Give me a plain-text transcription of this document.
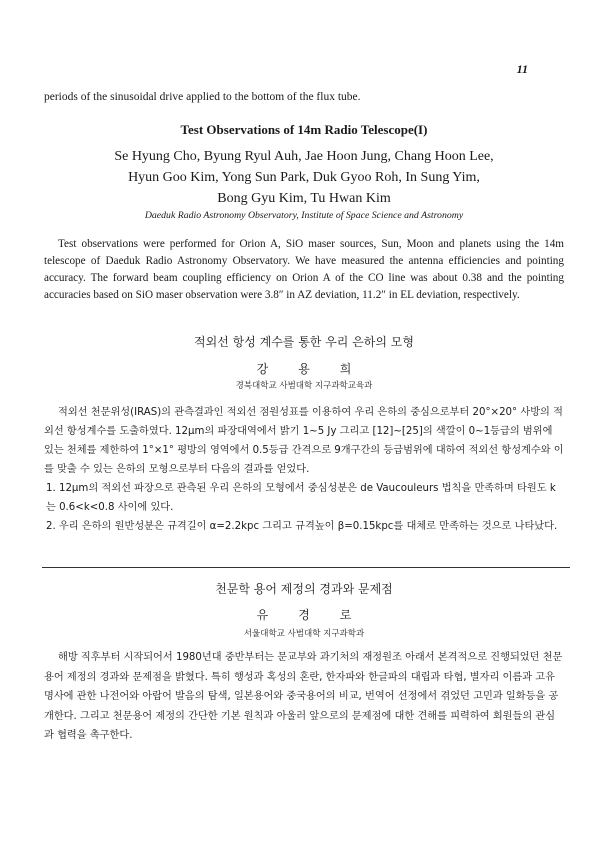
11
periods of the sinusoidal drive applied to the bottom of the flux tube.
Test Observations of 14m Radio Telescope(I)
Se Hyung Cho, Byung Ryul Auh, Jae Hoon Jung, Chang Hoon Lee,
Hyun Goo Kim, Yong Sun Park, Duk Gyoo Roh, In Sung Yim,
Bong Gyu Kim, Tu Hwan Kim
Daeduk Radio Astronomy Observatory, Institute of Space Science and Astronomy

Test observations were performed for Orion A, SiO maser sources, Sun, Moon and planets using the 14m telescope of Daeduk Radio Astronomy Observatory. We have measured the antenna efficiencies and pointing accuracy. The forward beam coupling efficiency on Orion A of the CO line was about 0.38 and the pointing accuracies based on SiO maser observation were 3.8″ in AZ deviation, 11.2″ in EL deviation, respectively.

적외선 항성 계수를 통한 우리 은하의 모형
강용희
경북대학교 사범대학 지구과학교육과

적외선 천문위성(IRAS)의 관측결과인 적외선 점원성표를 이용하여 우리 은하의 중심으로부터 20°×20° 사방의 적외선 항성계수를 도출하였다. 12μm의 파장대역에서 밝기 1~5 Jy 그리고 [12]~[25]의 색깔이 0~1등급의 범위에 있는 천체를 제한하여 1°×1° 평방의 영역에서 0.5등급 간격으로 9개구간의 등급범위에 대하여 적외선 항성계수와 이를 맞출 수 있는 은하의 모형으로부터 다음의 결과를 얻었다.

1. 12μm의 적외선 파장으로 관측된 우리 은하의 모형에서 중심성분은 de Vaucouleurs 법칙을 만족하며 타원도 k는 0.6<k<0.8 사이에 있다.

2. 우리 은하의 원반성분은 규격길이 α=2.2kpc 그리고 규격높이 β=0.15kpc를 대체로 만족하는 것으로 나타났다.

천문학 용어 제정의 경과와 문제점
유경로
서울대학교 사범대학 지구과학과

해방 직후부터 시작되어서 1980년대 중반부터는 문교부와 과기처의 재정원조 아래서 본격적으로 진행되었던 천문용어 제정의 경과와 문제점을 밝혔다. 특히 행성과 혹성의 혼란, 한자파와 한글파의 대립과 타협, 별자리 이름과 고유명사에 관한 나전어와 아랍어 발음의 탐색, 일본용어와 중국용어의 비교, 번역어 선정에서 겪었던 고민과 일화등을 공개한다. 그리고 천문용어 제정의 간단한 기본 원칙과 아울러 앞으로의 문제점에 대한 견해를 피력하여 회원들의 관심과 협력을 촉구한다.
